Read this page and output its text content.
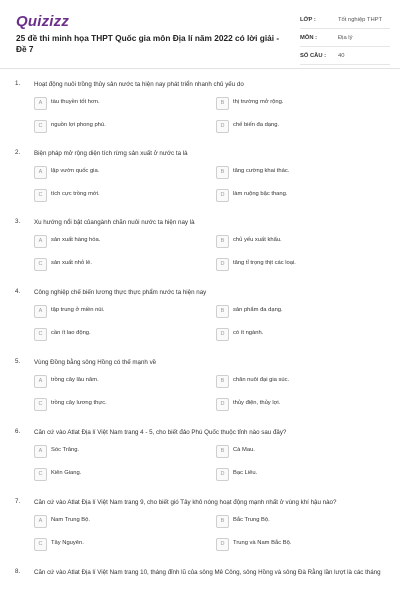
Quizizz
25 đề thi minh họa THPT Quốc gia môn Địa lí năm 2022 có lời giải - Đề 7
LỚP :	Tốt nghiệp THPT
MÔN :	Địa lý
SỐ CÂU : 40
1. Hoạt động nuôi trồng thủy sản nước ta hiện nay phát triển nhanh chủ yếu do
A	tàu thuyền tốt hơn.	B	thị trường mở rộng.
C	nguồn lợi phong phú.	D	chế biến đa dạng.
2. Biện pháp mở rộng diện tích rừng sản xuất ở nước ta là
A	lập vườn quốc gia.	B	tăng cường khai thác.
C	tích cực trồng mới.	D	làm ruộng bậc thang.
3. Xu hướng nổi bật củangành chăn nuôi nước ta hiện nay là
A	sản xuất hàng hóa.	B	chủ yếu xuất khẩu.
C	sản xuất nhỏ lẻ.	D	tăng tỉ trọng thịt các loại.
4. Công nghiệp chế biến lương thực thực phẩm nước ta hiện nay
A	tập trung ở miền núi.	B	sản phẩm đa dạng.
C	cần ít lao động.	D	có ít ngành.
5. Vùng Đồng bằng sông Hồng có thế mạnh về
A	trồng cây lâu năm.	B	chăn nuôi đại gia súc.
C	trồng cây lương thực.	D	thủy điện, thủy lợi.
6. Căn cứ vào Atlat Địa lí Việt Nam trang 4 - 5, cho biết đảo Phú Quốc thuộc tỉnh nào sau đây?
A	Sóc Trăng.	B	Cà Mau.
C	Kiên Giang.	D	Bạc Liêu.
7. Căn cứ vào Atlat Địa lí Việt Nam trang 9, cho biết gió Tây khô nóng hoạt động mạnh nhất ở vùng khí hậu nào?
A	Nam Trung Bộ.	B	Bắc Trung Bộ.
C	Tây Nguyên.	D	Trung và Nam Bắc Bộ.
8. Căn cứ vào Atlat Địa lí Việt Nam trang 10, tháng đỉnh lũ của sông Mê Công, sông Hồng và sông Đà Rằng lần lượt là các tháng
